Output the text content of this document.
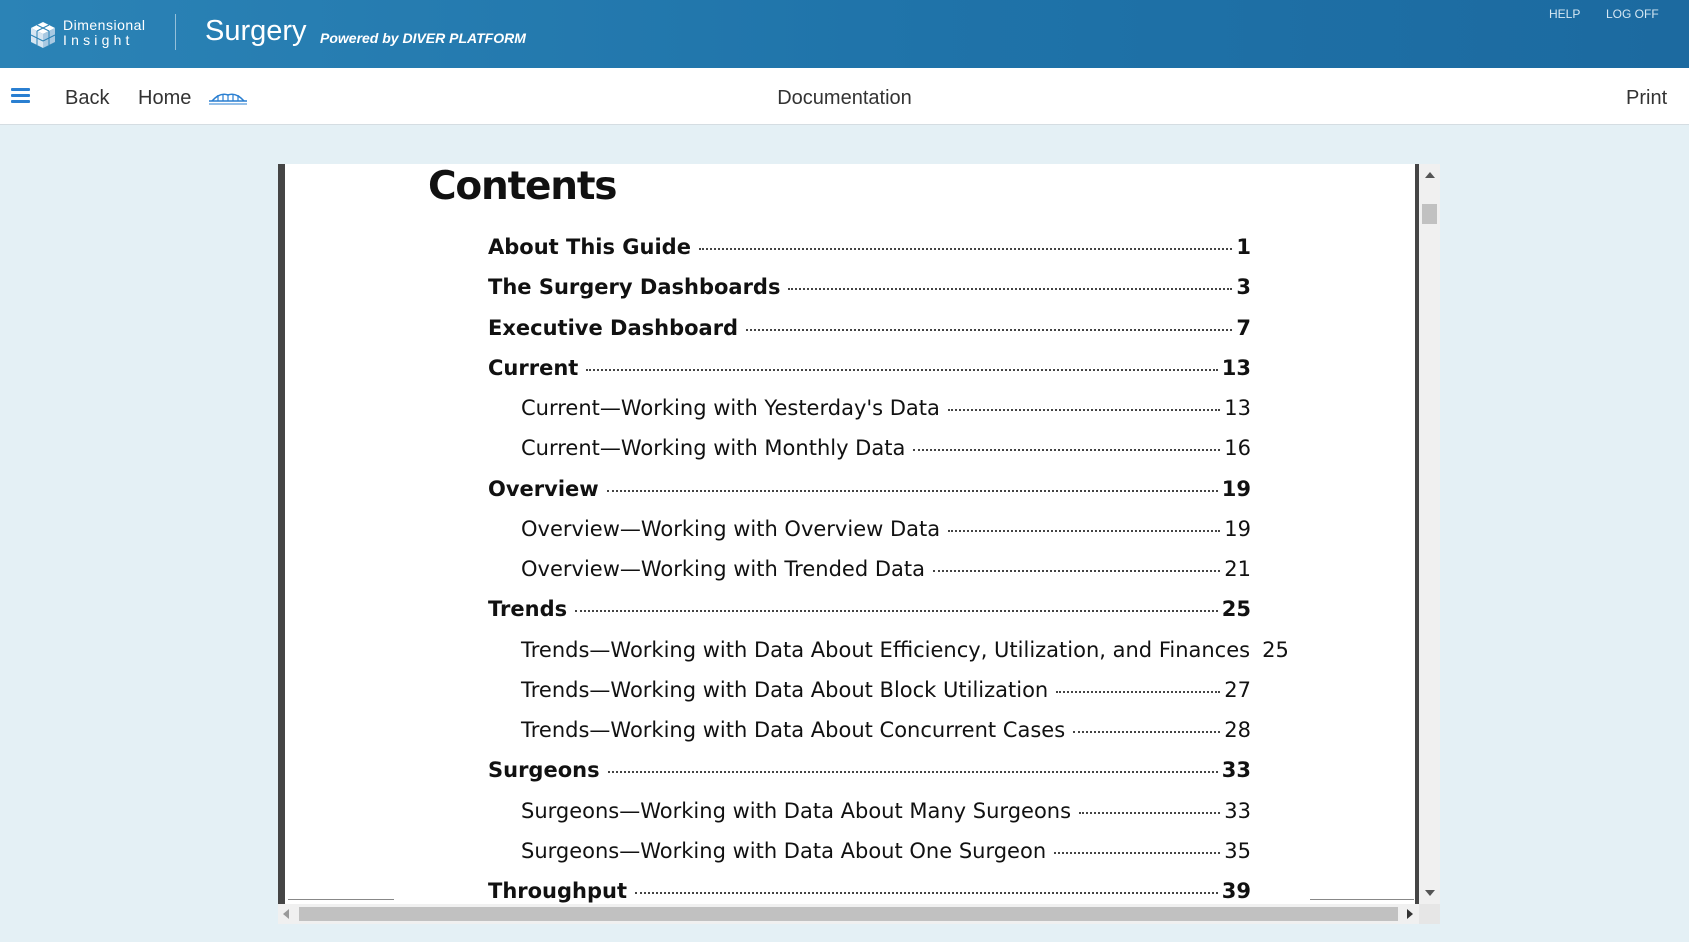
Dimensional
Insight	Surgery Powered by DIVER PLATFORM
HELP LOG OFF
Back Home	Documentation	Print
Contents
About This Guide	1
The Surgery Dashboards	3
Executive Dashboard	7
Current	13
Current—Working with Yesterday's Data	13
Current—Working with Monthly Data	16
Overview	19
Overview—Working with Overview Data	19
Overview—Working with Trended Data	21
Trends	25
Trends—Working with Data About Efficiency, Utilization, and Finances 25
Trends—Working with Data About Block Utilization	27
Trends—Working with Data About Concurrent Cases	28
Surgeons	33
Surgeons—Working with Data About Many Surgeons	33
Surgeons—Working with Data About One Surgeon	35
Throughput	39
